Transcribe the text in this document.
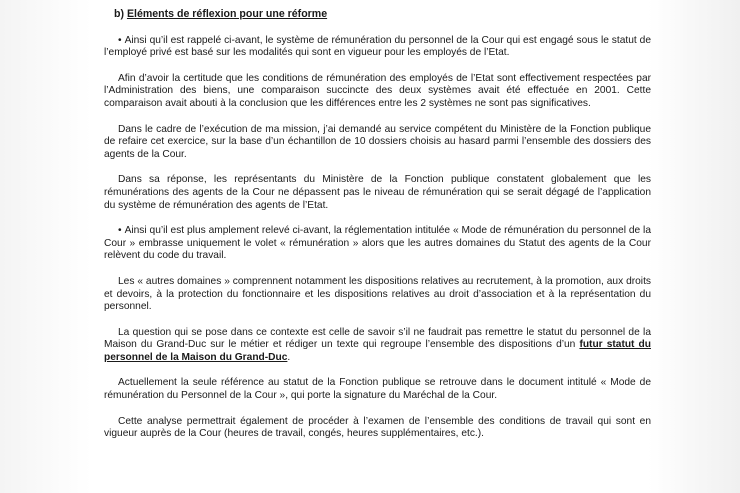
b) Eléments de réflexion pour une réforme

• Ainsi qu’il est rappelé ci-avant, le système de rémunération du personnel de la Cour qui est engagé sous le statut de l’employé privé est basé sur les modalités qui sont en vigueur pour les employés de l’Etat.

Afin d’avoir la certitude que les conditions de rémunération des employés de l’Etat sont effectivement respectées par l’Administration des biens, une comparaison succincte des deux systèmes avait été effectuée en 2001. Cette comparaison avait abouti à la conclusion que les différences entre les 2 systèmes ne sont pas significatives.

Dans le cadre de l’exécution de ma mission, j’ai demandé au service compétent du Ministère de la Fonction publique de refaire cet exercice, sur la base d’un échantillon de 10 dossiers choisis au hasard parmi l’ensemble des dossiers des agents de la Cour.

Dans sa réponse, les représentants du Ministère de la Fonction publique constatent globalement que les rémunérations des agents de la Cour ne dépassent pas le niveau de rémunération qui se serait dégagé de l’application du système de rémunération des agents de l’Etat.

• Ainsi qu’il est plus amplement relevé ci-avant, la réglementation intitulée « Mode de rémunération du personnel de la Cour » embrasse uniquement le volet « rémunération » alors que les autres domaines du Statut des agents de la Cour relèvent du code du travail.

Les « autres domaines » comprennent notamment les dispositions relatives au recrutement, à la promotion, aux droits et devoirs, à la protection du fonctionnaire et les dispositions relatives au droit d’association et à la représentation du personnel.

La question qui se pose dans ce contexte est celle de savoir s’il ne faudrait pas remettre le statut du personnel de la Maison du Grand-Duc sur le métier et rédiger un texte qui regroupe l’ensemble des dispositions d’un futur statut du personnel de la Maison du Grand-Duc.

Actuellement la seule référence au statut de la Fonction publique se retrouve dans le document intitulé « Mode de rémunération du Personnel de la Cour », qui porte la signature du Maréchal de la Cour.

Cette analyse permettrait également de procéder à l’examen de l’ensemble des conditions de travail qui sont en vigueur auprès de la Cour (heures de travail, congés, heures supplémentaires, etc.).
